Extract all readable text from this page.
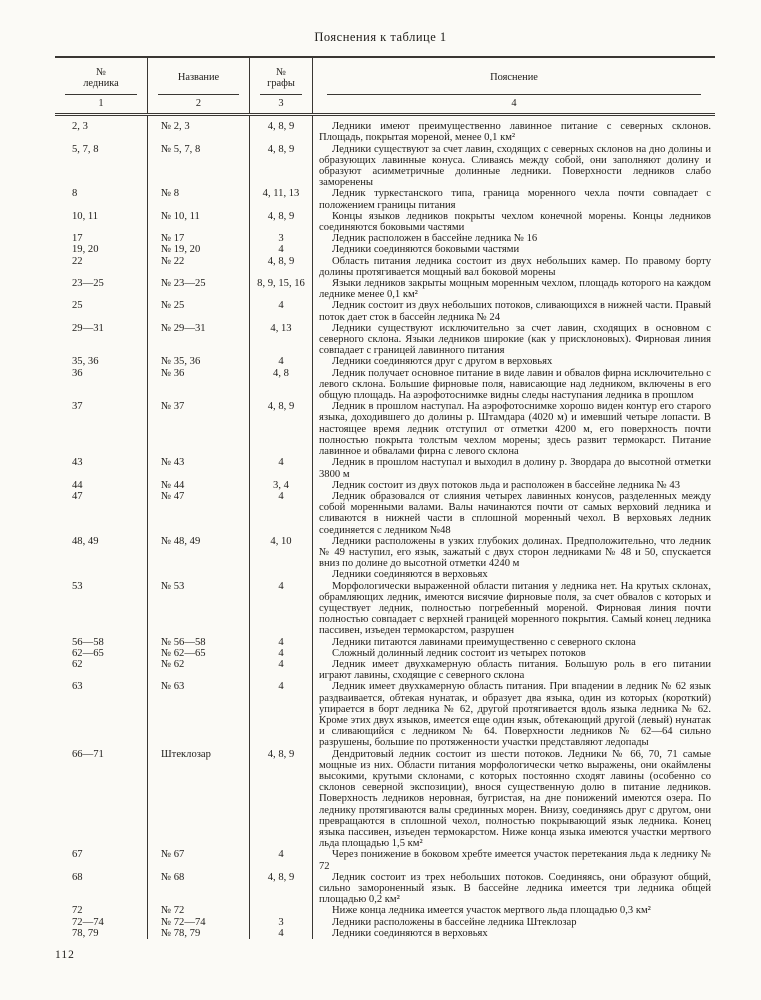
Пояснения к таблице 1
№
ледника

Название

№
графы

Пояснение

1	2	3	4

2, 3	№ 2, 3	4, 8, 9	Ледники имеют преимущественно лавинное питание с северных склонов. Площадь, покрытая мореной, менее 0,1 км²

5, 7, 8	№ 5, 7, 8	4, 8, 9	Ледники существуют за счет лавин, сходящих с северных склонов на дно долины и образующих лавинные конуса. Сливаясь между собой, они заполняют долину и образуют асимметричные долинные ледники. Поверхности ледников слабо заморенены

8	№ 8	4, 11, 13	Ледник туркестанского типа, граница моренного чехла почти совпадает с положением границы питания

10, 11	№ 10, 11	4, 8, 9	Концы языков ледников покрыты чехлом конечной морены. Концы ледников соединяются боковыми частями

17	№ 17	3	Ледник расположен в бассейне ледника № 16

19, 20	№ 19, 20	4	Ледники соединяются боковыми частями

22	№ 22	4, 8, 9	Область питания ледника состоит из двух небольших камер. По правому борту долины протягивается мощный вал боковой морены

23—25	№ 23—25	8, 9, 15, 16	Языки ледников закрыты мощным моренным чехлом, площадь которого на каждом леднике менее 0,1 км²

25	№ 25	4	Ледник состоит из двух небольших потоков, сливающихся в нижней части. Правый поток дает сток в бассейн ледника № 24

29—31	№ 29—31	4, 13	Ледники существуют исключительно за счет лавин, сходящих в основном с северного склона. Языки ледников широкие (как у присклоновых). Фирновая линия совпадает с границей лавинного питания

35, 36	№ 35, 36	4	Ледники соединяются друг с другом в верховьях

36	№ 36	4, 8	Ледник получает основное питание в виде лавин и обвалов фирна исключительно с левого склона. Большие фирновые поля, нависающие над ледником, включены в его общую площадь. На аэрофотоснимке видны следы наступания ледника в прошлом

37	№ 37	4, 8, 9	Ледник в прошлом наступал. На аэрофотоснимке хорошо виден контур его старого языка, доходившего до долины р. Штамдара (4020 м) и имевший четыре лопасти. В настоящее время ледник отступил от отметки 4200 м, его поверхность почти полностью покрыта толстым чехлом морены; здесь развит термокарст. Питание лавинное и обвалами фирна с левого склона

43	№ 43	4	Ледник в прошлом наступал и выходил в долину р. Звордара до высотной отметки 3800 м

44	№ 44	3, 4	Ледник состоит из двух потоков льда и расположен в бассейне ледника № 43

47	№ 47	4	Ледник образовался от слияния четырех лавинных конусов, разделенных между собой моренными валами. Валы начинаются почти от самых верховий ледника и сливаются в нижней части в сплошной моренный чехол. В верховьях ледник соединяется с ледником №48

48, 49	№ 48, 49	4, 10	Ледники расположены в узких глубоких долинах. Предположительно, что ледник № 49 наступил, его язык, зажатый с двух сторон ледниками № 48 и 50, спускается вниз по долине до высотной отметки 4240 м

Ледники соединяются в верховьях

53	№ 53	4	Морфологически выраженной области питания у ледника нет. На крутых склонах, обрамляющих ледник, имеются висячие фирновые поля, за счет обвалов с которых и существует ледник, полностью погребенный мореной. Фирновая линия почти полностью совпадает с верхней границей моренного покрытия. Самый конец ледника пассивен, изъеден термокарстом, разрушен

56—58	№ 56—58	4	Ледники питаются лавинами преимущественно с северного склона

62—65	№ 62—65	4	Сложный долинный ледник состоит из четырех потоков

62	№ 62	4	Ледник имеет двухкамерную область питания. Большую роль в его питании играют лавины, сходящие с северного склона

63	№ 63	4	Ледник имеет двухкамерную область питания. При впадении в ледник № 62 язык раздваивается, обтекая нунатак, и образует два языка, один из которых (короткий) упирается в борт ледника № 62, другой протягивается вдоль языка ледника № 62. Кроме этих двух языков, имеется еще один язык, обтекающий другой (левый) нунатак и сливающийся с ледником № 64. Поверхности ледников № 62—64 сильно разрушены, большие по протяженности участки представляют ледопады

66—71	Штеклозар	4, 8, 9	Дендритовый ледник состоит из шести потоков. Ледники № 66, 70, 71 самые мощные из них. Области питания морфологически четко выражены, они окаймлены высокими, крутыми склонами, с которых постоянно сходят лавины (особенно со склонов северной экспозиции), внося существенную долю в питание ледников. Поверхность ледников неровная, бугристая, на дне понижений имеются озера. По леднику протягиваются валы срединных морен. Внизу, соединяясь друг с другом, они превращаются в сплошной чехол, полностью покрывающий язык ледника. Конец языка пассивен, изъеден термокарстом. Ниже конца языка имеются участки мертвого льда площадью 1,5 км²

67	№ 67	4	Через понижение в боковом хребте имеется участок перетекания льда к леднику № 72

68	№ 68	4, 8, 9	Ледник состоит из трех небольших потоков. Соединяясь, они образуют общий, сильно замороненный язык. В бассейне ледника имеется три ледника общей площадью 0,2 км²

72	№ 72		Ниже конца ледника имеется участок мертвого льда площадью 0,3 км²

72—74	№ 72—74	3	Ледники расположены в бассейне ледника Штеклозар

78, 79	№ 78, 79	4	Ледники соединяются в верховьях

112
